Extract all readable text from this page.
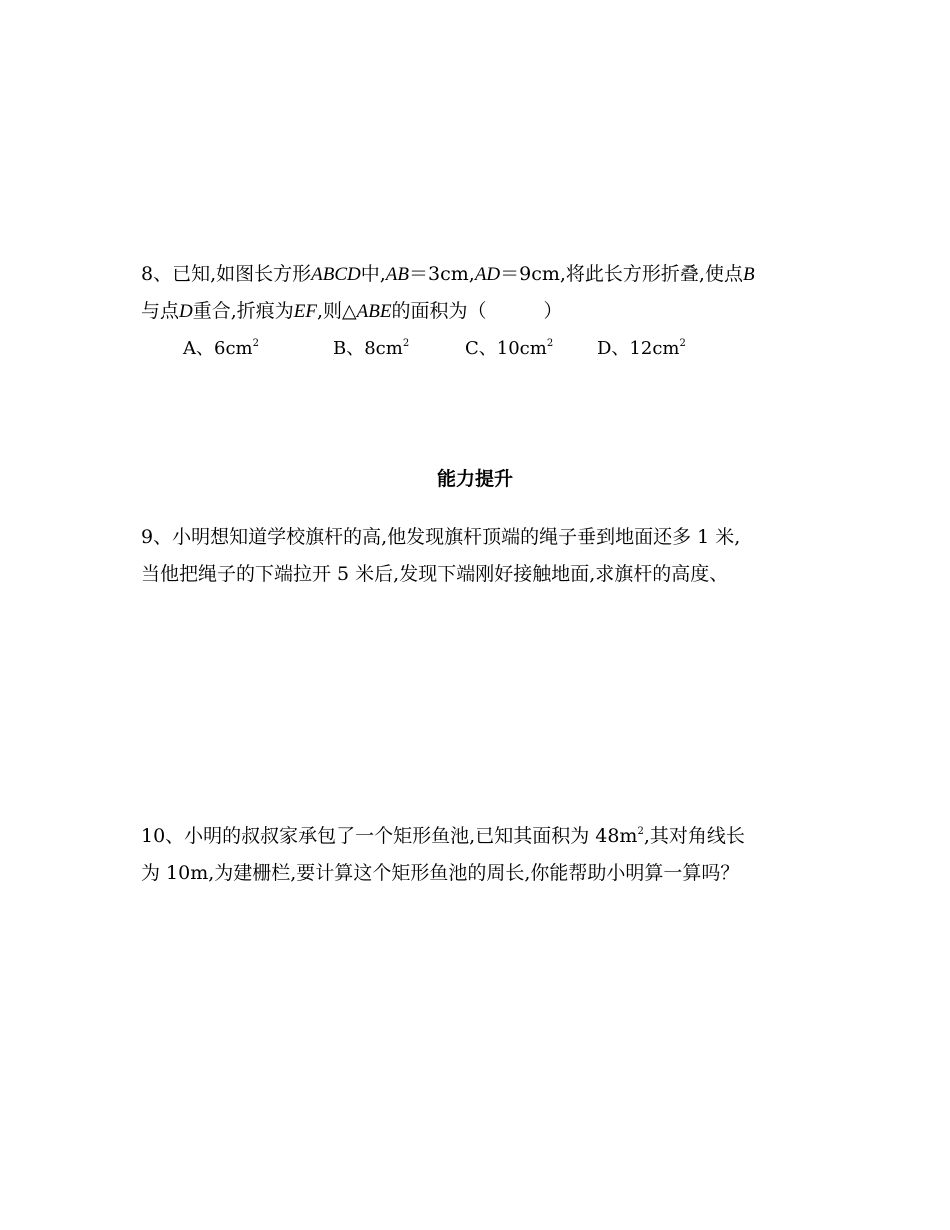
8、已知,如图长方形ABCD中,AB＝3cm,AD＝9cm,将此长方形折叠,使点B
与点D重合,折痕为EF,则△ABE的面积为（　　　）
A、$6cm^2$	B、$8cm^2$	C、$10cm^2$ D、$12cm^2$
能力提升
9、小明想知道学校旗杆的高,他发现旗杆顶端的绳子垂到地面还多 1 米,
当他把绳子的下端拉开 5 米后,发现下端刚好接触地面,求旗杆的高度、
10、小明的叔叔家承包了一个矩形鱼池,已知其面积为 $48m^2$,其对角线长
为 10m,为建栅栏,要计算这个矩形鱼池的周长,你能帮助小明算一算吗？
